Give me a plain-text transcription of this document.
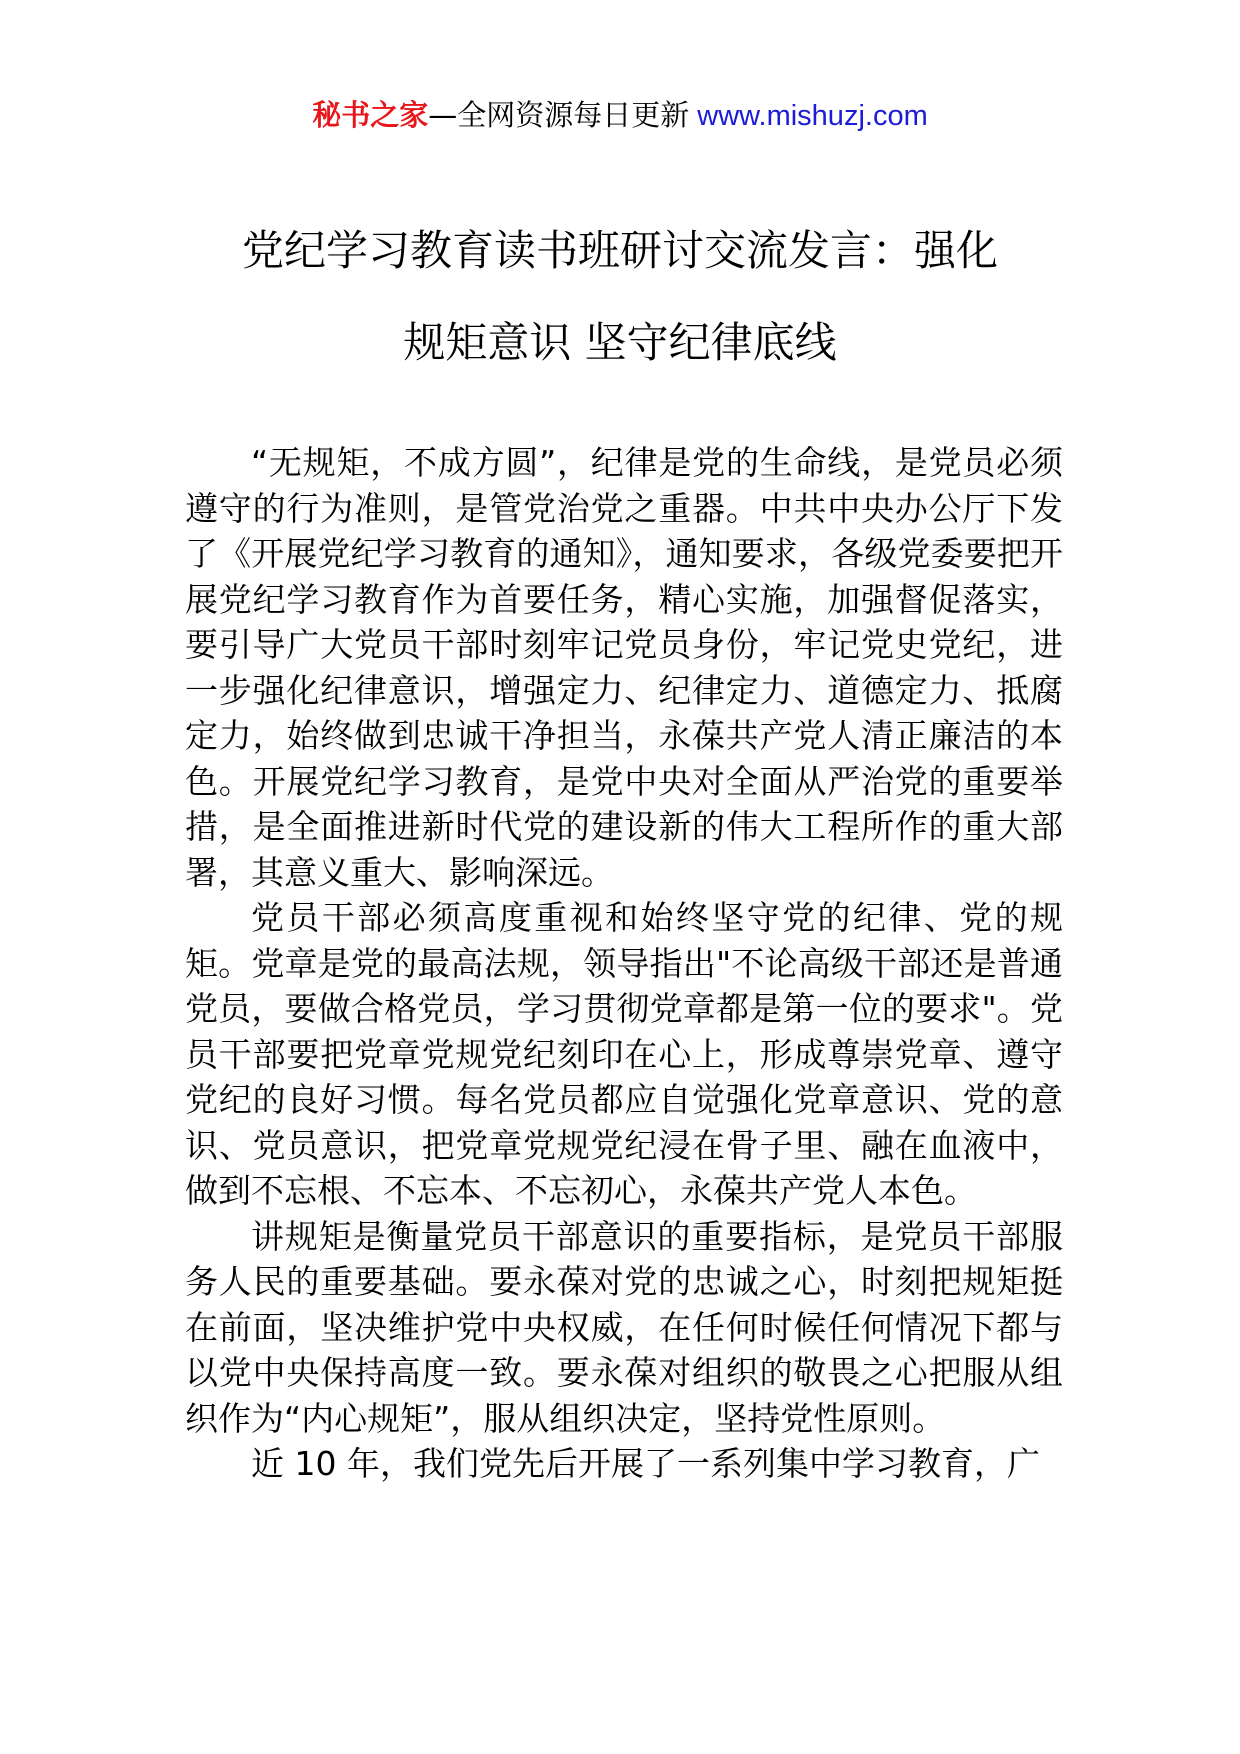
秘书之家—全网资源每日更新 www.mishuzj.com
党纪学习教育读书班研讨交流发言：强化
规矩意识 坚守纪律底线

“无规矩，不成方圆”，纪律是党的生命线，是党员必须遵守的行为准则，是管党治党之重器。中共中央办公厅下发了《开展党纪学习教育的通知》，通知要求，各级党委要把开展党纪学习教育作为首要任务，精心实施，加强督促落实，要引导广大党员干部时刻牢记党员身份，牢记党史党纪，进一步强化纪律意识，增强定力、纪律定力、道德定力、抵腐定力，始终做到忠诚干净担当，永葆共产党人清正廉洁的本色。开展党纪学习教育，是党中央对全面从严治党的重要举措，是全面推进新时代党的建设新的伟大工程所作的重大部署，其意义重大、影响深远。

党员干部必须高度重视和始终坚守党的纪律、党的规矩。党章是党的最高法规，领导指出"不论高级干部还是普通党员，要做合格党员，学习贯彻党章都是第一位的要求"。党员干部要把党章党规党纪刻印在心上，形成尊崇党章、遵守党纪的良好习惯。每名党员都应自觉强化党章意识、党的意识、党员意识，把党章党规党纪浸在骨子里、融在血液中，做到不忘根、不忘本、不忘初心，永葆共产党人本色。

讲规矩是衡量党员干部意识的重要指标，是党员干部服务人民的重要基础。要永葆对党的忠诚之心，时刻把规矩挺在前面，坚决维护党中央权威，在任何时候任何情况下都与以党中央保持高度一致。要永葆对组织的敬畏之心把服从组织作为“内心规矩”，服从组织决定，坚持党性原则。

近 10 年，我们党先后开展了一系列集中学习教育，广
